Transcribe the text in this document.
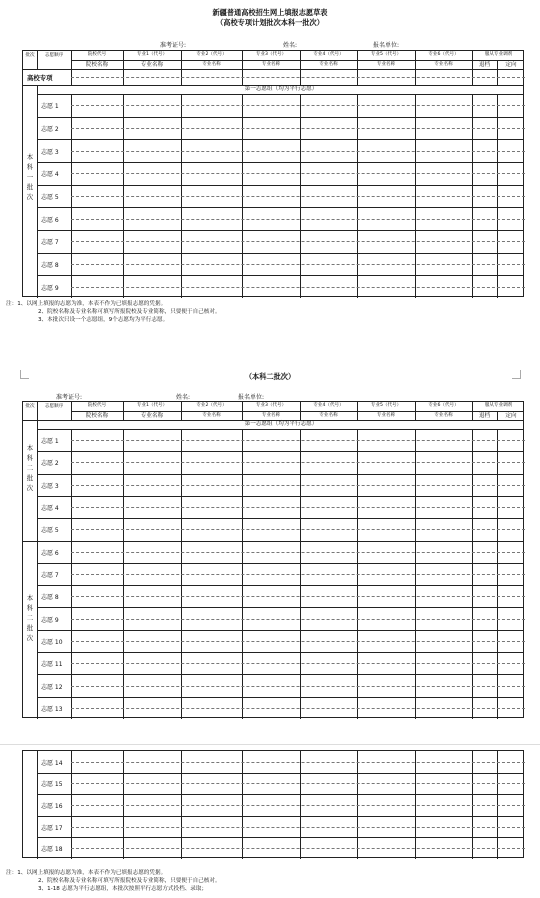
新疆普通高校招生网上填报志愿草表
（高校专项计划批次本科一批次）
准考证号:	姓名:	报名单位:
批次	志愿顺序	院校代号	专业1（代号）	专业2（代号）	专业3（代号）	专业4（代号）	专业5（代号）	专业6（代号）	服从专业调剂
院校名称	专业名称	专业名称	专业名称	专业名称	专业名称	专业名称	退档	定向
高校专项
第一志愿组（均为平行志愿）
志愿 1
志愿 2
志愿 3
志愿 4
志愿 5
志愿 6
志愿 7
志愿 8
志愿 9
本科一批次
注：1、以网上填报的志愿为准，本表不作为已填报志愿的凭据。
2、院校名称及专业名称可填写所报院校及专业简称，只要便于自己核对。
3、本批次只设一个志愿组，9个志愿均为平行志愿。
（本科二批次）
准考证号:	姓名:	报名单位:
批次	志愿顺序	院校代号	专业1（代号）	专业2（代号）	专业3（代号）	专业4（代号）	专业5（代号）	专业6（代号）	服从专业调剂
院校名称	专业名称	专业名称	专业名称	专业名称	专业名称	专业名称	退档	定向
第一志愿组（均为平行志愿）
志愿 1
志愿 2
志愿 3
志愿 4
志愿 5
志愿 6
志愿 7
志愿 8
志愿 9
志愿 10
志愿 11
志愿 12
志愿 13
本科二批次
本科二批次
志愿 14
志愿 15
志愿 16
志愿 17
志愿 18
注：1、以网上填报的志愿为准，本表不作为已填报志愿的凭据。
2、院校名称及专业名称可填写所报院校及专业简称，只要便于自己核对。
3、1-18 志愿为平行志愿组，本批次按照平行志愿方式投档、录取；
